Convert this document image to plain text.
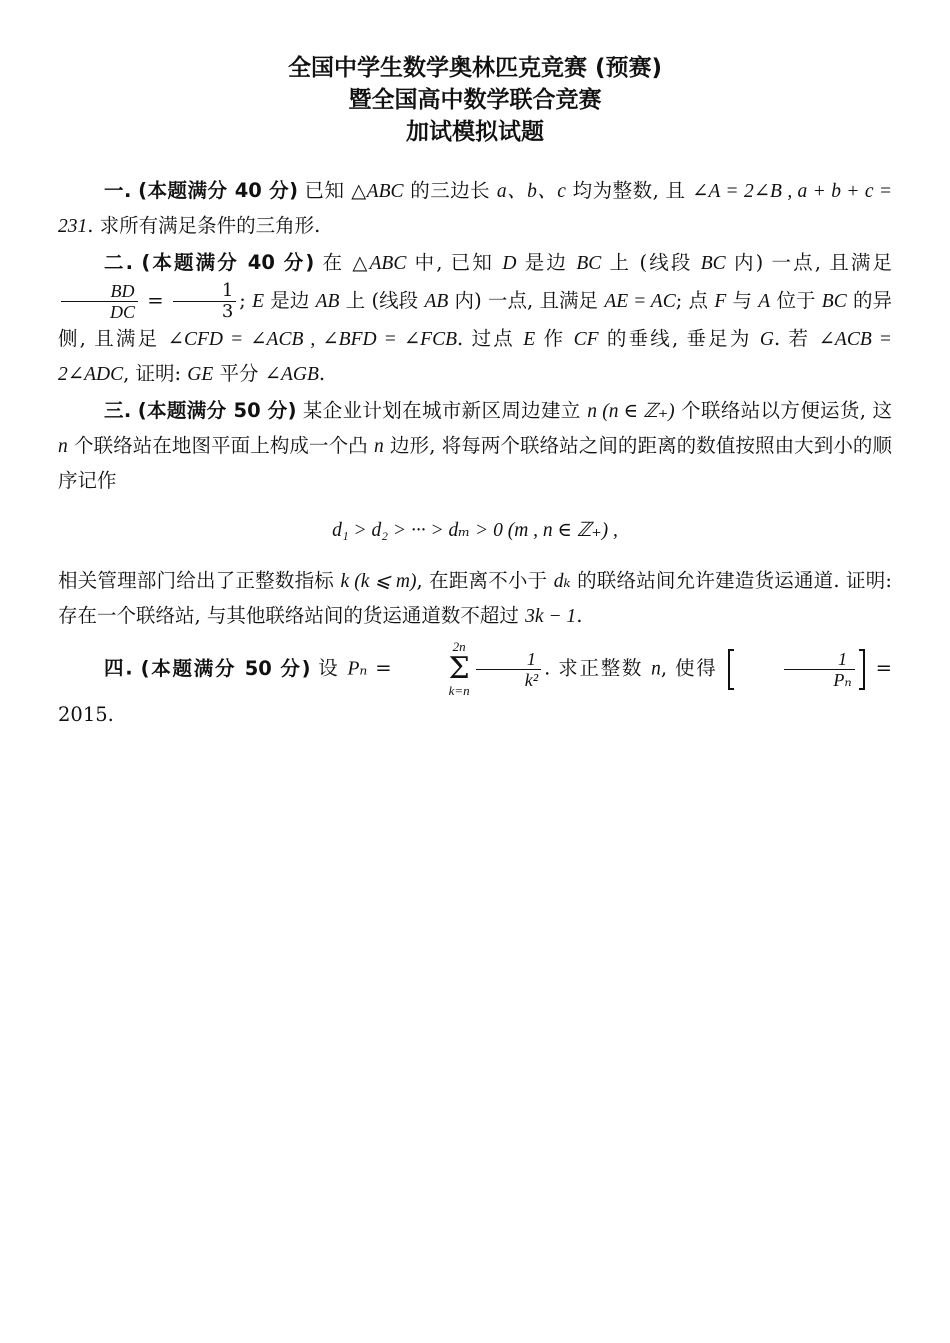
全国中学生数学奥林匹克竞赛 (预赛)
暨全国高中数学联合竞赛
加试模拟试题

一. (本题满分 40 分) 已知 △ABC 的三边长 a、b、c 均为整数, 且 ∠A = 2∠B , a + b + c = 231. 求所有满足条件的三角形.

二. (本题满分 40 分) 在 △ABC 中, 已知 D 是边 BC 上 (线段 BC 内) 一点, 且满足
$\frac{BD}{DC} = \frac{1}{3}$ ; E 是边 AB 上 (线段 AB 内) 一点, 且满足 AE = AC; 点 F 与 A 位于 BC 的异侧, 且满足 ∠CFD = ∠ACB , ∠BFD = ∠FCB. 过点 E 作 CF 的垂线, 垂足为 G. 若 ∠ACB = 2∠ADC, 证明: GE 平分 ∠AGB.

三. (本题满分 50 分) 某企业计划在城市新区周边建立 n (n ∈ ℤ₊) 个联络站以方便运货, 这 n 个联络站在地图平面上构成一个凸 n 边形, 将每两个联络站之间的距离的数值按照由大到小的顺序记作

d₁ > d₂ > ··· > dₘ > 0 (m , n ∈ ℤ₊) ,

相关管理部门给出了正整数指标 k (k ⩽ m), 在距离不小于 dₖ 的联络站间允许建造货运通道. 证明: 存在一个联络站, 与其他联络站间的货运通道数不超过 3k − 1.

四. (本题满分 50 分) 设 Pₙ =
2n
Σ
k=n
$\frac{1}{\text{k²}}$ . 求正整数 n, 使得	$\frac{1}{\text{Pₙ}} = 2015$.
